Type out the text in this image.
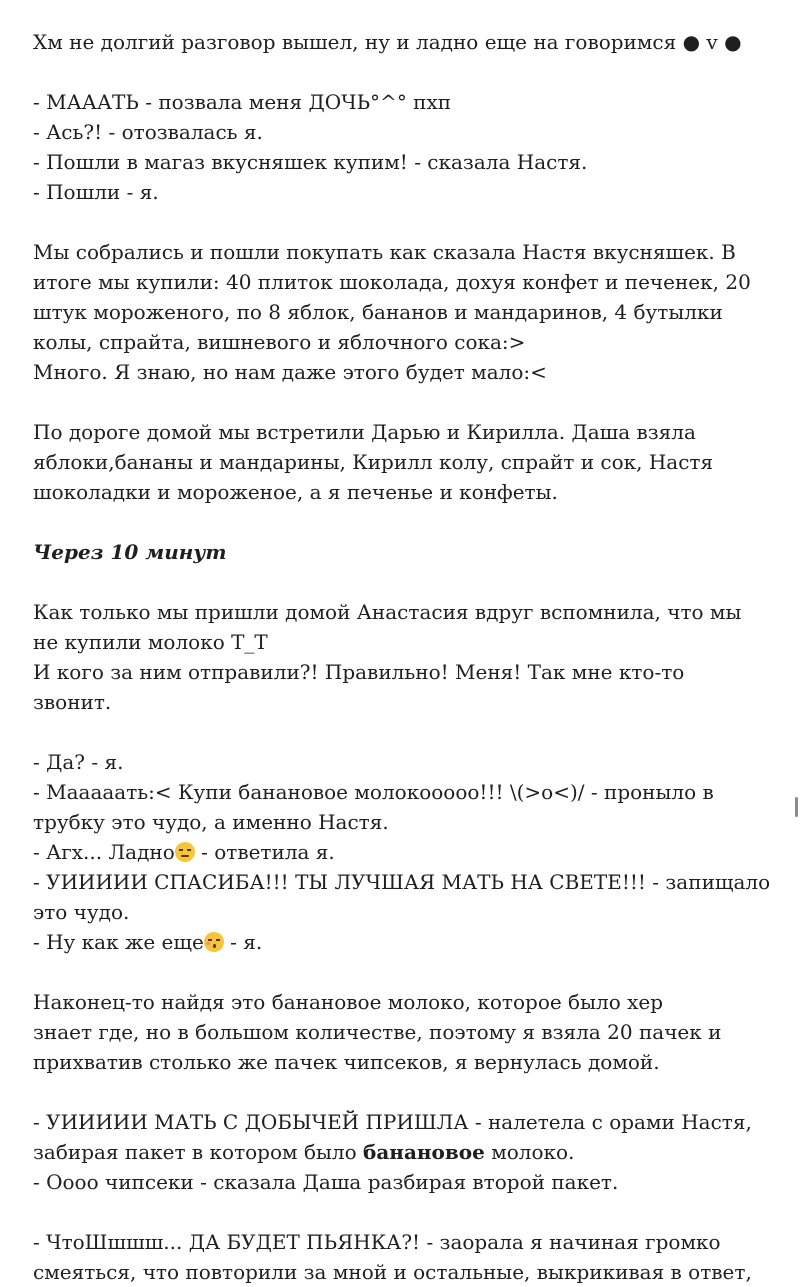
Хм не долгий разговор вышел, ну и ладно еще на говоримся ● v ●
- МАААТЬ - позвала меня ДОЧЬ°^° пхп
- Ась?! - отозвалась я.
- Пошли в магаз вкусняшек купим! - сказала Настя.
- Пошли - я.
Мы собрались и пошли покупать как сказала Настя вкусняшек. В
итоге мы купили: 40 плиток шоколада, дохуя конфет и печенек, 20
штук мороженого, по 8 яблок, бананов и мандаринов, 4 бутылки
колы, спрайта, вишневого и яблочного сока:>
Много. Я знаю, но нам даже этого будет мало:<
По дороге домой мы встретили Дарью и Кирилла. Даша взяла
яблоки,бананы и мандарины, Кирилл колу, спрайт и сок, Настя
шоколадки и мороженое, а я печенье и конфеты.
Через 10 минут
Как только мы пришли домой Анастасия вдруг вспомнила, что мы
не купили молоко Т_Т
И кого за ним отправили?! Правильно! Меня! Так мне кто-то
звонит.
- Да? - я.
- Мааааать:< Купи банановое молокооооо!!! \(>o<)/ - проныло в
трубку это чудо, а именно Настя.
- Агх... Ладно - ответила я.
- УИИИИИ СПАСИБА!!! ТЫ ЛУЧШАЯ МАТЬ НА СВЕТЕ!!! - запищало
это чудо.
- Ну как же еще
- я.
Наконец-то найдя это банановое молоко, которое было хер
знает где, но в большом количестве, поэтому я взяла 20 пачек и
прихватив столько же пачек чипсеков, я вернулась домой.
- УИИИИИ МАТЬ С ДОБЫЧЕЙ ПРИШЛА - налетела с орами Настя,
забирая пакет в котором было банановое молоко.
- Оооо чипсеки - сказала Даша разбирая второй пакет.
- ЧтоШшшш... ДА БУДЕТ ПЬЯНКА?! - заорала я начиная громко
смеяться, что повторили за мной и остальные, выкрикивая в ответ,
